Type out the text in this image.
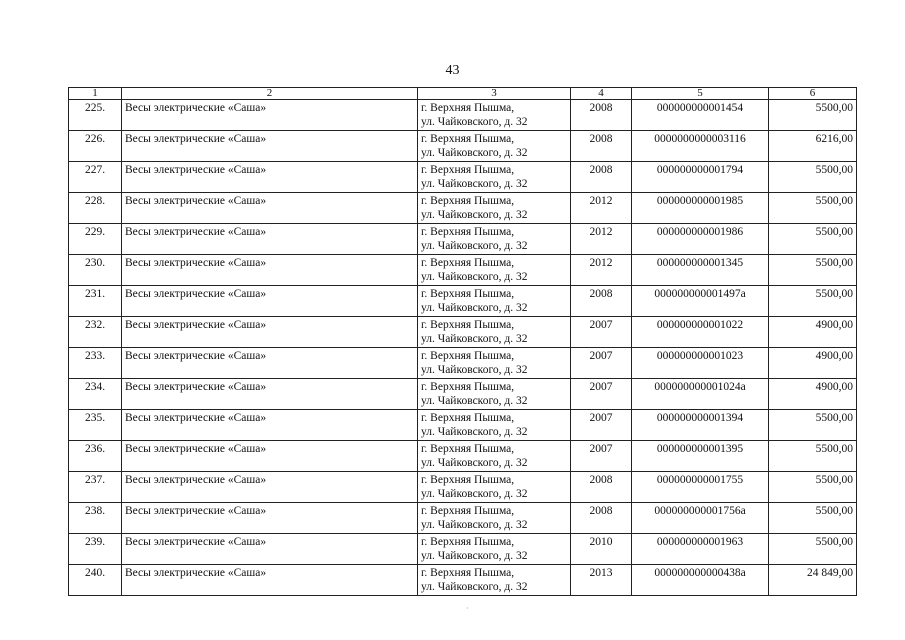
43
1	2	3	4	5	6
225.	Весы электрические «Саша»	г. Верхняя Пышма,
ул. Чайковского, д. 32	2008	000000000001454	5500,00
226.	Весы электрические «Саша»	г. Верхняя Пышма,
ул. Чайковского, д. 32	2008	0000000000003116	6216,00
227.	Весы электрические «Саша»	г. Верхняя Пышма,
ул. Чайковского, д. 32	2008	000000000001794	5500,00
228.	Весы электрические «Саша»	г. Верхняя Пышма,
ул. Чайковского, д. 32	2012	000000000001985	5500,00
229.	Весы электрические «Саша»	г. Верхняя Пышма,
ул. Чайковского, д. 32	2012	000000000001986	5500,00
230.	Весы электрические «Саша»	г. Верхняя Пышма,
ул. Чайковского, д. 32	2012	000000000001345	5500,00
231.	Весы электрические «Саша»	г. Верхняя Пышма,
ул. Чайковского, д. 32	2008	000000000001497а	5500,00
232.	Весы электрические «Саша»	г. Верхняя Пышма,
ул. Чайковского, д. 32	2007	000000000001022	4900,00
233.	Весы электрические «Саша»	г. Верхняя Пышма,
ул. Чайковского, д. 32	2007	000000000001023	4900,00
234.	Весы электрические «Саша»	г. Верхняя Пышма,
ул. Чайковского, д. 32	2007	000000000001024а	4900,00
235.	Весы электрические «Саша»	г. Верхняя Пышма,
ул. Чайковского, д. 32	2007	000000000001394	5500,00
236.	Весы электрические «Саша»	г. Верхняя Пышма,
ул. Чайковского, д. 32	2007	000000000001395	5500,00
237.	Весы электрические «Саша»	г. Верхняя Пышма,
ул. Чайковского, д. 32	2008	000000000001755	5500,00
238.	Весы электрические «Саша»	г. Верхняя Пышма,
ул. Чайковского, д. 32	2008	000000000001756а	5500,00
239.	Весы электрические «Саша»	г. Верхняя Пышма,
ул. Чайковского, д. 32	2010	000000000001963	5500,00
240.	Весы электрические «Саша»	г. Верхняя Пышма,
ул. Чайковского, д. 32	2013	000000000000438а	24 849,00
·
